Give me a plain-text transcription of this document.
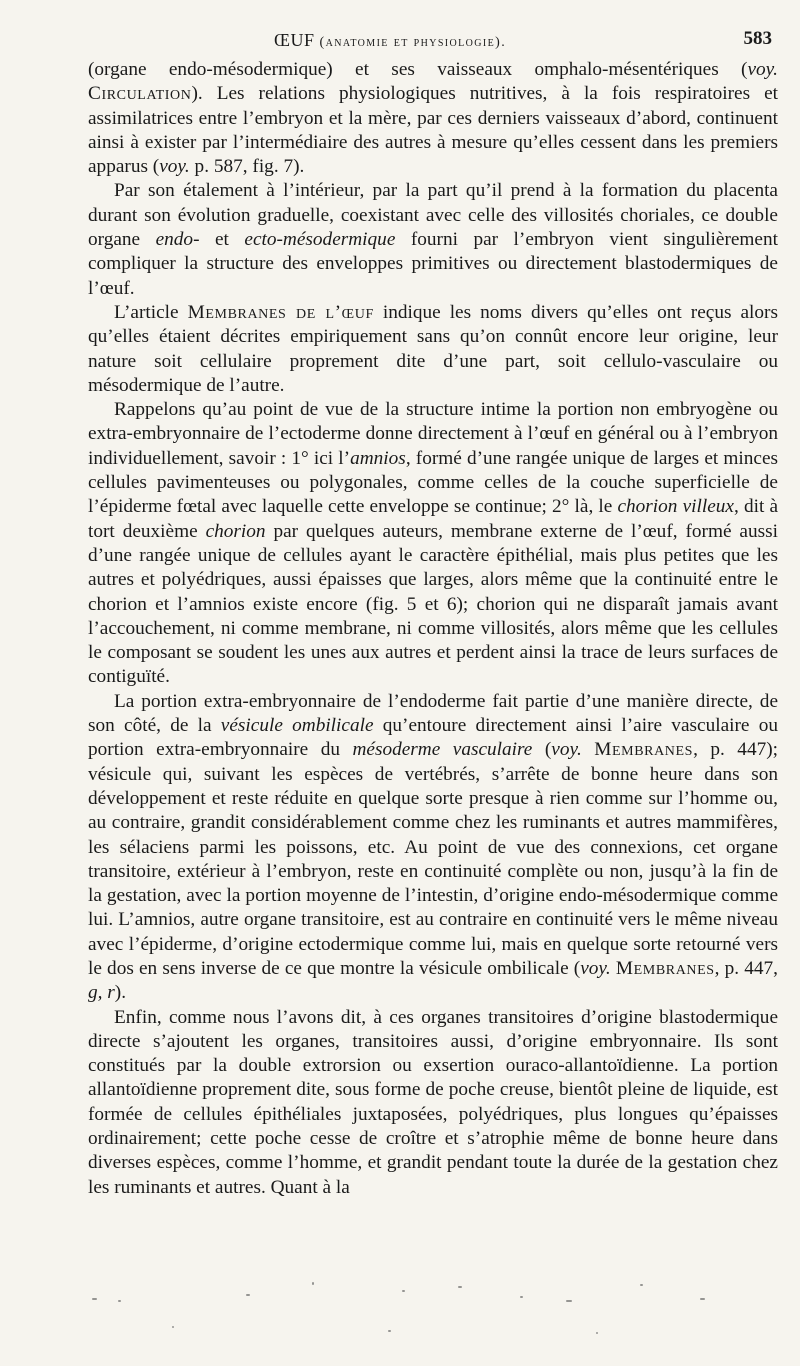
ŒUF (anatomie et physiologie).	583

(organe endo-mésodermique) et ses vaisseaux omphalo-mésentériques (voy. Circulation). Les relations physiologiques nutritives, à la fois respiratoires et assimilatrices entre l’embryon et la mère, par ces derniers vaisseaux d’abord, continuent ainsi à exister par l’intermédiaire des autres à mesure qu’elles cessent dans les premiers apparus (voy. p. 587, fig. 7).

Par son étalement à l’intérieur, par la part qu’il prend à la formation du placenta durant son évolution graduelle, coexistant avec celle des villosités choriales, ce double organe endo- et ecto-mésodermique fourni par l’embryon vient singulièrement compliquer la structure des enveloppes primitives ou directement blastodermiques de l’œuf.

L’article Membranes de l’œuf indique les noms divers qu’elles ont reçus alors qu’elles étaient décrites empiriquement sans qu’on connût encore leur origine, leur nature soit cellulaire proprement dite d’une part, soit cellulo-vasculaire ou mésodermique de l’autre.

Rappelons qu’au point de vue de la structure intime la portion non embryogène ou extra-embryonnaire de l’ectoderme donne directement à l’œuf en général ou à l’embryon individuellement, savoir : 1° ici l’amnios, formé d’une rangée unique de larges et minces cellules pavimenteuses ou polygonales, comme celles de la couche superficielle de l’épiderme fœtal avec laquelle cette enveloppe se continue; 2° là, le chorion villeux, dit à tort deuxième chorion par quelques auteurs, membrane externe de l’œuf, formé aussi d’une rangée unique de cellules ayant le caractère épithélial, mais plus petites que les autres et polyédriques, aussi épaisses que larges, alors même que la continuité entre le chorion et l’amnios existe encore (fig. 5 et 6); chorion qui ne disparaît jamais avant l’accouchement, ni comme membrane, ni comme villosités, alors même que les cellules le composant se soudent les unes aux autres et perdent ainsi la trace de leurs surfaces de contiguïté.

La portion extra-embryonnaire de l’endoderme fait partie d’une manière directe, de son côté, de la vésicule ombilicale qu’entoure directement ainsi l’aire vasculaire ou portion extra-embryonnaire du mésoderme vasculaire (voy. Membranes, p. 447); vésicule qui, suivant les espèces de vertébrés, s’arrête de bonne heure dans son développement et reste réduite en quelque sorte presque à rien comme sur l’homme ou, au contraire, grandit considérablement comme chez les ruminants et autres mammifères, les sélaciens parmi les poissons, etc. Au point de vue des connexions, cet organe transitoire, extérieur à l’embryon, reste en continuité complète ou non, jusqu’à la fin de la gestation, avec la portion moyenne de l’intestin, d’origine endo-mésodermique comme lui. L’amnios, autre organe transitoire, est au contraire en continuité vers le même niveau avec l’épiderme, d’origine ectodermique comme lui, mais en quelque sorte retourné vers le dos en sens inverse de ce que montre la vésicule ombilicale (voy. Membranes, p. 447, g, r).

Enfin, comme nous l’avons dit, à ces organes transitoires d’origine blastodermique directe s’ajoutent les organes, transitoires aussi, d’origine embryonnaire. Ils sont constitués par la double extrorsion ou exsertion ouraco-allantoïdienne. La portion allantoïdienne proprement dite, sous forme de poche creuse, bientôt pleine de liquide, est formée de cellules épithéliales juxtaposées, polyédriques, plus longues qu’épaisses ordinairement; cette poche cesse de croître et s’atrophie même de bonne heure dans diverses espèces, comme l’homme, et grandit pendant toute la durée de la gestation chez les ruminants et autres. Quant à la
